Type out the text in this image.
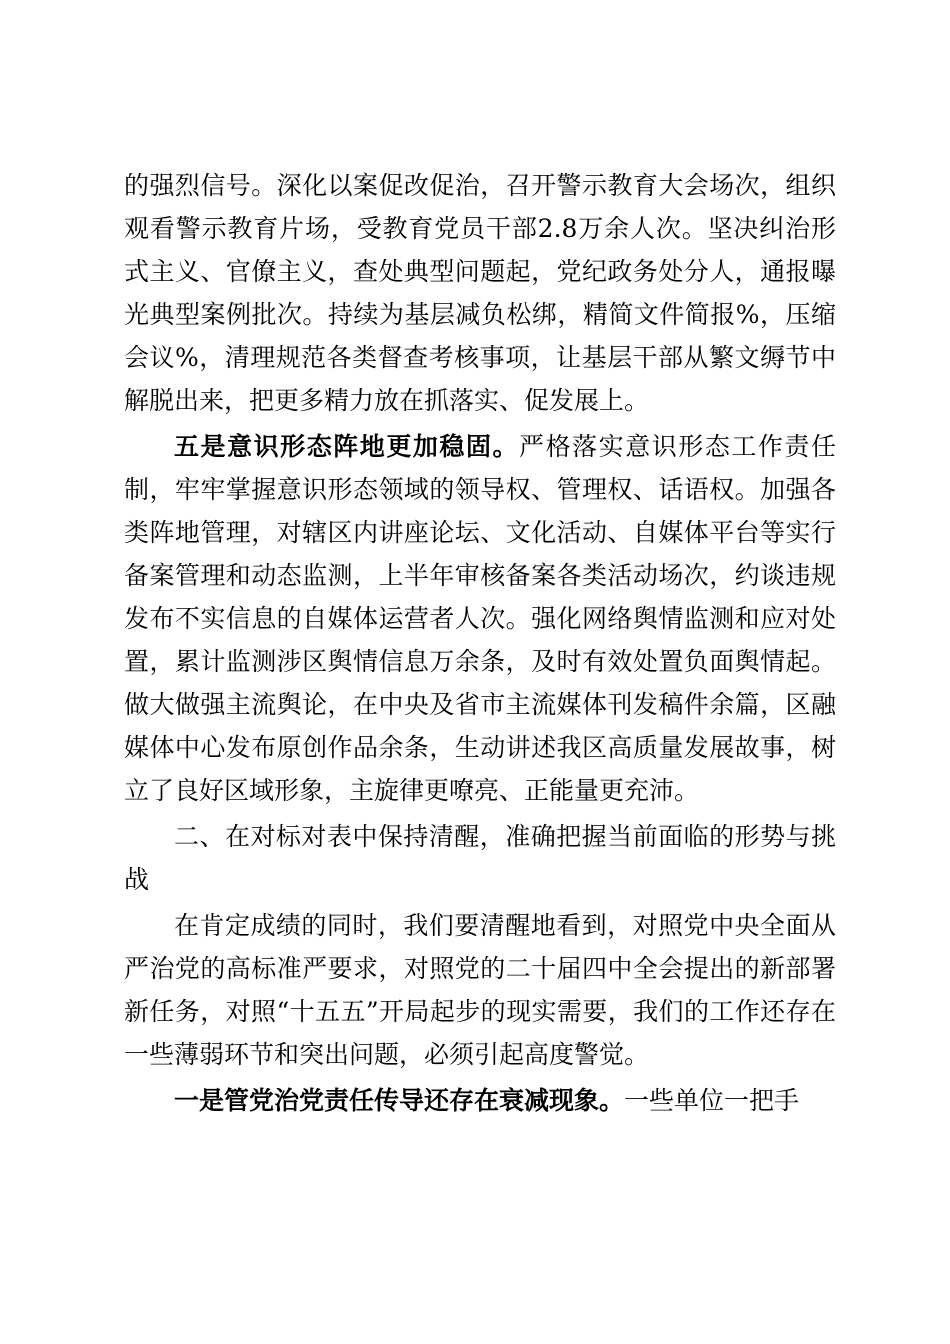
的强烈信号。深化以案促改促治，召开警示教育大会场次，组织观看警示教育片场，受教育党员干部2.8万余人次。坚决纠治形式主义、官僚主义，查处典型问题起，党纪政务处分人，通报曝光典型案例批次。持续为基层减负松绑，精简文件简报%，压缩会议%，清理规范各类督查考核事项，让基层干部从繁文缛节中解脱出来，把更多精力放在抓落实、促发展上。

五是意识形态阵地更加稳固。严格落实意识形态工作责任制，牢牢掌握意识形态领域的领导权、管理权、话语权。加强各类阵地管理，对辖区内讲座论坛、文化活动、自媒体平台等实行备案管理和动态监测，上半年审核备案各类活动场次，约谈违规发布不实信息的自媒体运营者人次。强化网络舆情监测和应对处置，累计监测涉区舆情信息万余条，及时有效处置负面舆情起。做大做强主流舆论，在中央及省市主流媒体刊发稿件余篇，区融媒体中心发布原创作品余条，生动讲述我区高质量发展故事，树立了良好区域形象，主旋律更嘹亮、正能量更充沛。

二、在对标对表中保持清醒，准确把握当前面临的形势与挑战

在肯定成绩的同时，我们要清醒地看到，对照党中央全面从严治党的高标准严要求，对照党的二十届四中全会提出的新部署新任务，对照“十五五”开局起步的现实需要，我们的工作还存在一些薄弱环节和突出问题，必须引起高度警觉。

一是管党治党责任传导还存在衰减现象。一些单位一把手
